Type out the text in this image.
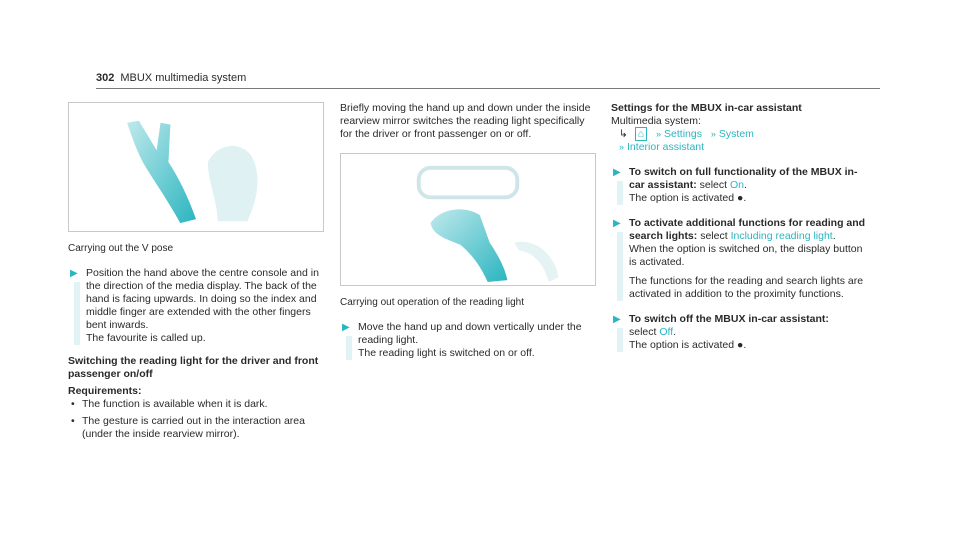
302 MBUX multimedia system
Carrying out the V pose
▶ Position the hand above the centre console and in the direction of the media display. The back of the hand is facing upwards. In doing so the index and middle finger are extended with the other fingers bent inwards.

The favourite is called up.

Switching the reading light for the driver and front passenger on/off
Requirements:
• The function is available when it is dark.
• The gesture is carried out in the interaction area (under the inside rearview mirror).

Briefly moving the hand up and down under the inside rearview mirror switches the reading light specifically for the driver or front passenger on or off.

Carrying out operation of the reading light
▶ Move the hand up and down vertically under the reading light.

The reading light is switched on or off.

Settings for the MBUX in-car assistant
Multimedia system:
↳ ⌂ » Settings » System
» Interior assistant
▶ To switch on full functionality of the MBUX in-car assistant: select On.

The option is activated ●.

▶ To activate additional functions for reading and search lights: select Including reading light.

When the option is switched on, the display button is activated.

The functions for the reading and search lights are activated in addition to the proximity functions.

▶ To switch off the MBUX in-car assistant:
select Off.

The option is activated ●.
